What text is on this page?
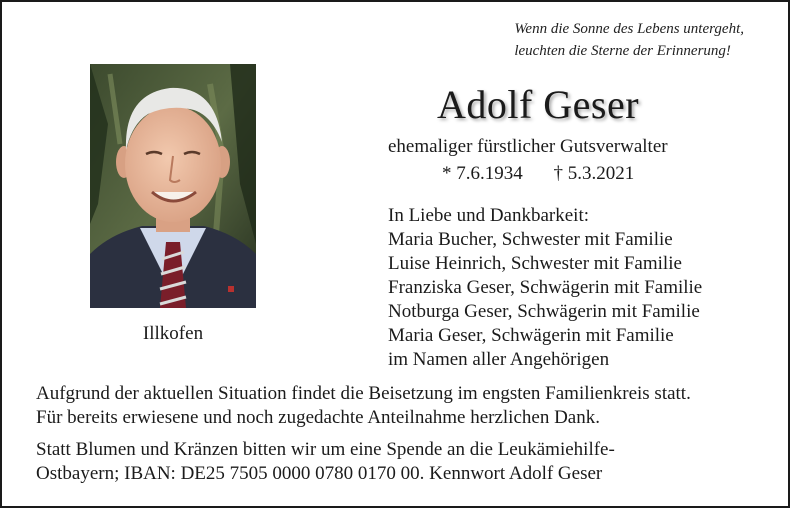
Wenn die Sonne des Lebens untergeht,
leuchten die Sterne der Erinnerung!
Illkofen
Adolf Geser
ehemaliger fürstlicher Gutsverwalter
* 7.6.1934 † 5.3.2021
In Liebe und Dankbarkeit:
Maria Bucher, Schwester mit Familie
Luise Heinrich, Schwester mit Familie
Franziska Geser, Schwägerin mit Familie
Notburga Geser, Schwägerin mit Familie
Maria Geser, Schwägerin mit Familie
im Namen aller Angehörigen
Aufgrund der aktuellen Situation findet die Beisetzung im engsten Familienkreis statt.
Für bereits erwiesene und noch zugedachte Anteilnahme herzlichen Dank.
Statt Blumen und Kränzen bitten wir um eine Spende an die Leukämiehilfe-
Ostbayern; IBAN: DE25 7505 0000 0780 0170 00. Kennwort Adolf Geser
